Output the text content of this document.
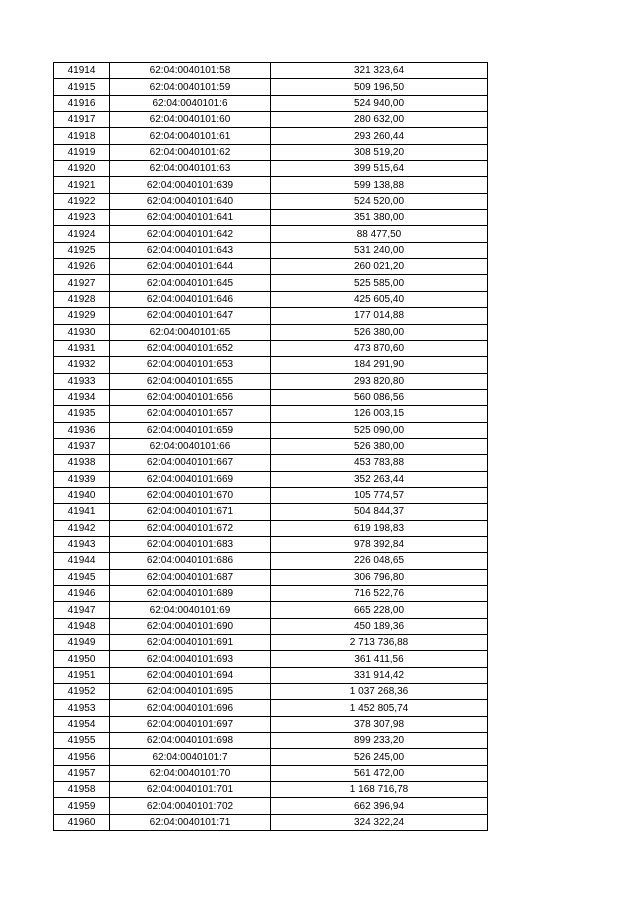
41914	62:04:0040101:58	321 323,64
41915	62:04:0040101:59	509 196,50
41916	62:04:0040101:6	524 940,00
41917	62:04:0040101:60	280 632,00
41918	62:04:0040101:61	293 260,44
41919	62:04:0040101:62	308 519,20
41920	62:04:0040101:63	399 515,64
41921	62:04:0040101:639	599 138,88
41922	62:04:0040101:640	524 520,00
41923	62:04:0040101:641	351 380,00
41924	62:04:0040101:642	88 477,50
41925	62:04:0040101:643	531 240,00
41926	62:04:0040101:644	260 021,20
41927	62:04:0040101:645	525 585,00
41928	62:04:0040101:646	425 605,40
41929	62:04:0040101:647	177 014,88
41930	62:04:0040101:65	526 380,00
41931	62:04:0040101:652	473 870,60
41932	62:04:0040101:653	184 291,90
41933	62:04:0040101:655	293 820,80
41934	62:04:0040101:656	560 086,56
41935	62:04:0040101:657	126 003,15
41936	62:04:0040101:659	525 090,00
41937	62:04:0040101:66	526 380,00
41938	62:04:0040101:667	453 783,88
41939	62:04:0040101:669	352 263,44
41940	62:04:0040101:670	105 774,57
41941	62:04:0040101:671	504 844,37
41942	62:04:0040101:672	619 198,83
41943	62:04:0040101:683	978 392,84
41944	62:04:0040101:686	226 048,65
41945	62:04:0040101:687	306 796,80
41946	62:04:0040101:689	716 522,76
41947	62:04:0040101:69	665 228,00
41948	62:04:0040101:690	450 189,36
41949	62:04:0040101:691	2 713 736,88
41950	62:04:0040101:693	361 411,56
41951	62:04:0040101:694	331 914,42
41952	62:04:0040101:695	1 037 268,36
41953	62:04:0040101:696	1 452 805,74
41954	62:04:0040101:697	378 307,98
41955	62:04:0040101:698	899 233,20
41956	62:04:0040101:7	526 245,00
41957	62:04:0040101:70	561 472,00
41958	62:04:0040101:701	1 168 716,78
41959	62:04:0040101:702	662 396,94
41960	62:04:0040101:71	324 322,24
